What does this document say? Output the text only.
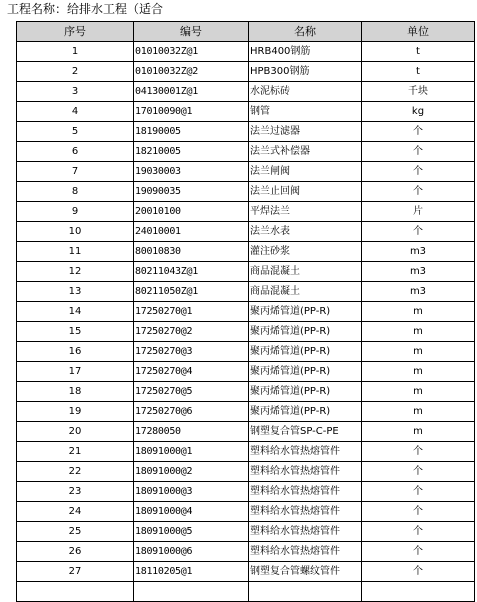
工程名称：给排水工程（适合
序号	编号	名称	单位
1	01010032Z@1	HRB400钢筋	t
2	01010032Z@2	HPB300钢筋	t
3	04130001Z@1	水泥标砖	千块
4	17010090@1	钢管	kg
5	18190005	法兰过滤器	个
6	18210005	法兰式补偿器	个
7	19030003	法兰闸阀	个
8	19090035	法兰止回阀	个
9	20010100	平焊法兰	片
10	24010001	法兰水表	个
11	80010830	灌注砂浆	m3
12	80211043Z@1	商品混凝土	m3
13	80211050Z@1	商品混凝土	m3
14	17250270@1	聚丙烯管道(PP-R)	m
15	17250270@2	聚丙烯管道(PP-R)	m
16	17250270@3	聚丙烯管道(PP-R)	m
17	17250270@4	聚丙烯管道(PP-R)	m
18	17250270@5	聚丙烯管道(PP-R)	m
19	17250270@6	聚丙烯管道(PP-R)	m
20	17280050	钢塑复合管SP-C-PE	m
21	18091000@1	塑料给水管热熔管件	个
22	18091000@2	塑料给水管热熔管件	个
23	18091000@3	塑料给水管热熔管件	个
24	18091000@4	塑料给水管热熔管件	个
25	18091000@5	塑料给水管热熔管件	个
26	18091000@6	塑料给水管热熔管件	个
27	18110205@1	钢塑复合管螺纹管件	个
